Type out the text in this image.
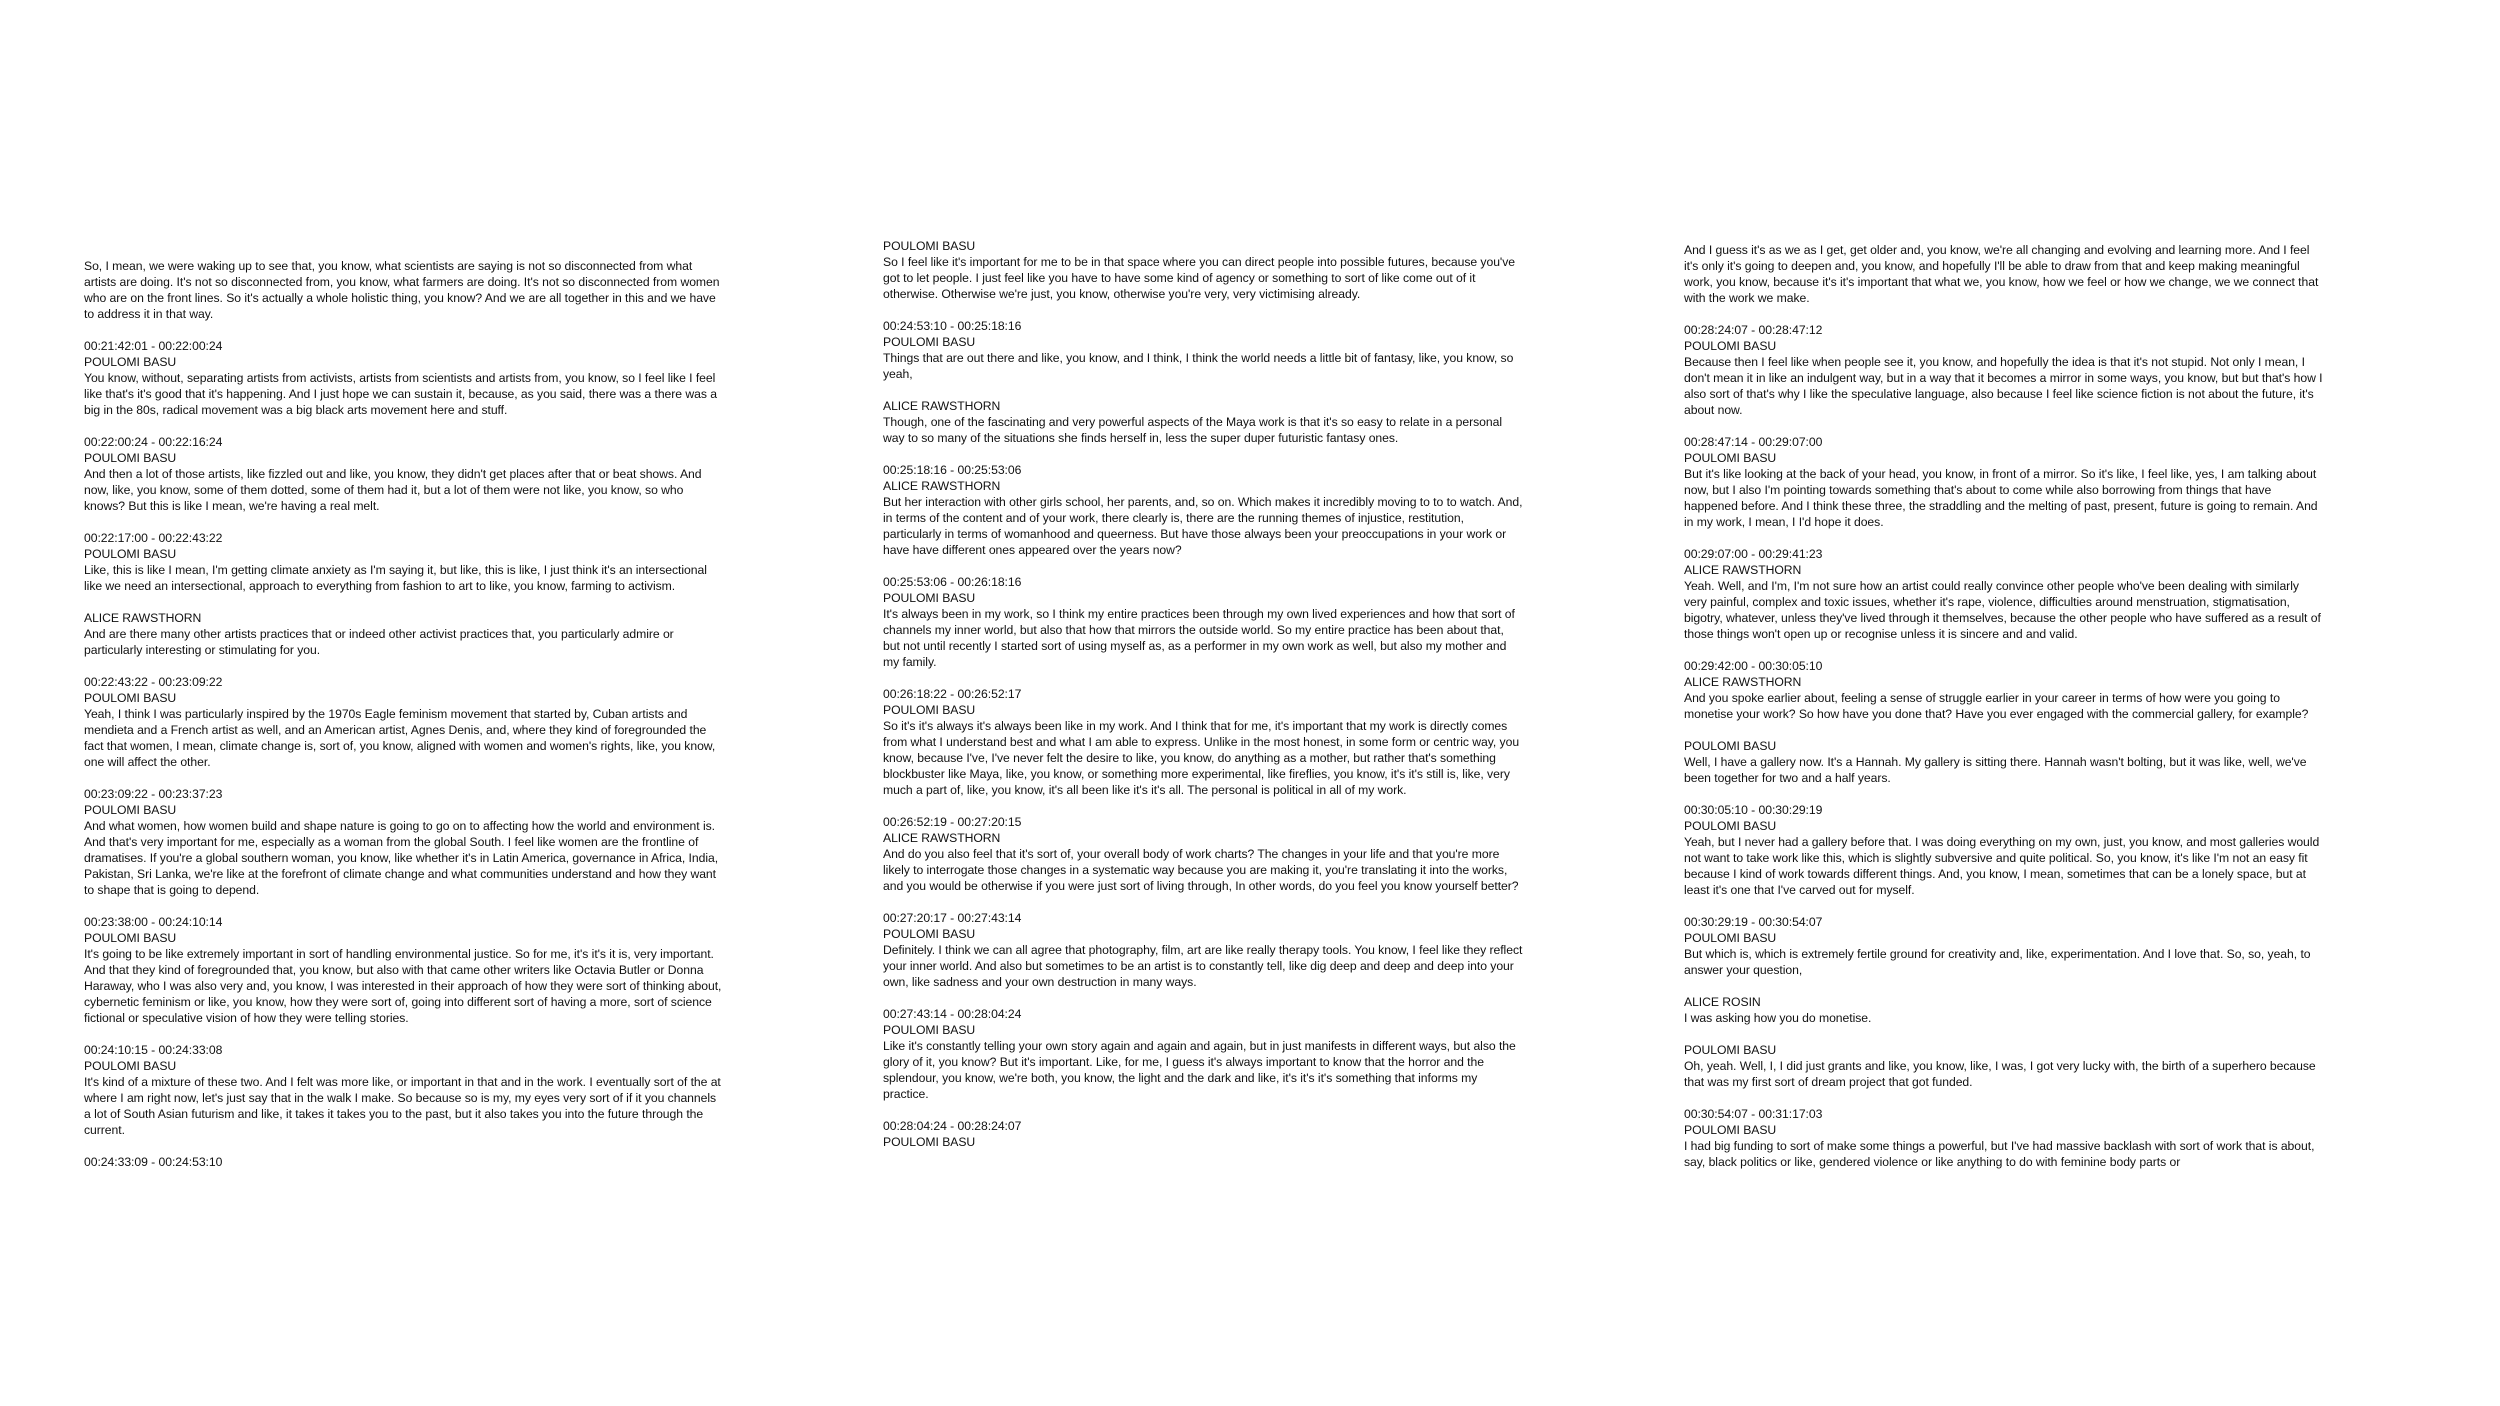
So, I mean, we were waking up to see that, you know, what scientists are saying is not so disconnected from what artists are doing. It's not so disconnected from, you know, what farmers are doing. It's not so disconnected from women who are on the front lines. So it's actually a whole holistic thing, you know? And we are all together in this and we have to address it in that way.
00:21:42:01 - 00:22:00:24
POULOMI BASU
You know, without, separating artists from activists, artists from scientists and artists from, you know, so I feel like I feel like that's it's good that it's happening. And I just hope we can sustain it, because, as you said, there was a there was a big in the 80s, radical movement was a big black arts movement here and stuff.
00:22:00:24 - 00:22:16:24
POULOMI BASU
And then a lot of those artists, like fizzled out and like, you know, they didn't get places after that or beat shows. And now, like, you know, some of them dotted, some of them had it, but a lot of them were not like, you know, so who knows? But this is like I mean, we're having a real melt.
00:22:17:00 - 00:22:43:22
POULOMI BASU
Like, this is like I mean, I'm getting climate anxiety as I'm saying it, but like, this is like, I just think it's an intersectional like we need an intersectional, approach to everything from fashion to art to like, you know, farming to activism.
ALICE RAWSTHORN
And are there many other artists practices that or indeed other activist practices that, you particularly admire or particularly interesting or stimulating for you.
00:22:43:22 - 00:23:09:22
POULOMI BASU
Yeah, I think I was particularly inspired by the 1970s Eagle feminism movement that started by, Cuban artists and mendieta and a French artist as well, and an American artist, Agnes Denis, and, where they kind of foregrounded the fact that women, I mean, climate change is, sort of, you know, aligned with women and women's rights, like, you know, one will affect the other.
00:23:09:22 - 00:23:37:23
POULOMI BASU
And what women, how women build and shape nature is going to go on to affecting how the world and environment is. And that's very important for me, especially as a woman from the global South. I feel like women are the frontline of dramatises. If you're a global southern woman, you know, like whether it's in Latin America, governance in Africa, India, Pakistan, Sri Lanka, we're like at the forefront of climate change and what communities understand and how they want to shape that is going to depend.
00:23:38:00 - 00:24:10:14
POULOMI BASU
It's going to be like extremely important in sort of handling environmental justice. So for me, it's it's it is, very important. And that they kind of foregrounded that, you know, but also with that came other writers like Octavia Butler or Donna Haraway, who I was also very and, you know, I was interested in their approach of how they were sort of thinking about, cybernetic feminism or like, you know, how they were sort of, going into different sort of having a more, sort of science fictional or speculative vision of how they were telling stories.
00:24:10:15 - 00:24:33:08
POULOMI BASU
It's kind of a mixture of these two. And I felt was more like, or important in that and in the work. I eventually sort of the at where I am right now, let's just say that in the walk I make. So because so is my, my eyes very sort of if it you channels a lot of South Asian futurism and like, it takes it takes you to the past, but it also takes you into the future through the current.
00:24:33:09 - 00:24:53:10
POULOMI BASU
So I feel like it's important for me to be in that space where you can direct people into possible futures, because you've got to let people. I just feel like you have to have some kind of agency or something to sort of like come out of it otherwise. Otherwise we're just, you know, otherwise you're very, very victimising already.
00:24:53:10 - 00:25:18:16
POULOMI BASU
Things that are out there and like, you know, and I think, I think the world needs a little bit of fantasy, like, you know, so yeah,
ALICE RAWSTHORN
Though, one of the fascinating and very powerful aspects of the Maya work is that it's so easy to relate in a personal way to so many of the situations she finds herself in, less the super duper futuristic fantasy ones.
00:25:18:16 - 00:25:53:06
ALICE RAWSTHORN
But her interaction with other girls school, her parents, and, so on. Which makes it incredibly moving to to to watch. And, in terms of the content and of your work, there clearly is, there are the running themes of injustice, restitution, particularly in terms of womanhood and queerness. But have those always been your preoccupations in your work or have have different ones appeared over the years now?
00:25:53:06 - 00:26:18:16
POULOMI BASU
It's always been in my work, so I think my entire practices been through my own lived experiences and how that sort of channels my inner world, but also that how that mirrors the outside world. So my entire practice has been about that, but not until recently I started sort of using myself as, as a performer in my own work as well, but also my mother and my family.
00:26:18:22 - 00:26:52:17
POULOMI BASU
So it's it's always it's always been like in my work. And I think that for me, it's important that my work is directly comes from what I understand best and what I am able to express. Unlike in the most honest, in some form or centric way, you know, because I've, I've never felt the desire to like, you know, do anything as a mother, but rather that's something blockbuster like Maya, like, you know, or something more experimental, like fireflies, you know, it's it's still is, like, very much a part of, like, you know, it's all been like it's it's all. The personal is political in all of my work.
00:26:52:19 - 00:27:20:15
ALICE RAWSTHORN
And do you also feel that it's sort of, your overall body of work charts? The changes in your life and that you're more likely to interrogate those changes in a systematic way because you are making it, you're translating it into the works, and you would be otherwise if you were just sort of living through, In other words, do you feel you know yourself better?
00:27:20:17 - 00:27:43:14
POULOMI BASU
Definitely. I think we can all agree that photography, film, art are like really therapy tools. You know, I feel like they reflect your inner world. And also but sometimes to be an artist is to constantly tell, like dig deep and deep and deep into your own, like sadness and your own destruction in many ways.
00:27:43:14 - 00:28:04:24
POULOMI BASU
Like it's constantly telling your own story again and again and again, but in just manifests in different ways, but also the glory of it, you know? But it's important. Like, for me, I guess it's always important to know that the horror and the splendour, you know, we're both, you know, the light and the dark and like, it's it's it's something that informs my practice.
00:28:04:24 - 00:28:24:07
POULOMI BASU
And I guess it's as we as I get, get older and, you know, we're all changing and evolving and learning more. And I feel it's only it's going to deepen and, you know, and hopefully I'll be able to draw from that and keep making meaningful work, you know, because it's it's important that what we, you know, how we feel or how we change, we we connect that with the work we make.
00:28:24:07 - 00:28:47:12
POULOMI BASU
Because then I feel like when people see it, you know, and hopefully the idea is that it's not stupid. Not only I mean, I don't mean it in like an indulgent way, but in a way that it becomes a mirror in some ways, you know, but but that's how I also sort of that's why I like the speculative language, also because I feel like science fiction is not about the future, it's about now.
00:28:47:14 - 00:29:07:00
POULOMI BASU
But it's like looking at the back of your head, you know, in front of a mirror. So it's like, I feel like, yes, I am talking about now, but I also I'm pointing towards something that's about to come while also borrowing from things that have happened before. And I think these three, the straddling and the melting of past, present, future is going to remain. And in my work, I mean, I I'd hope it does.
00:29:07:00 - 00:29:41:23
ALICE RAWSTHORN
Yeah. Well, and I'm, I'm not sure how an artist could really convince other people who've been dealing with similarly very painful, complex and toxic issues, whether it's rape, violence, difficulties around menstruation, stigmatisation, bigotry, whatever, unless they've lived through it themselves, because the other people who have suffered as a result of those things won't open up or recognise unless it is sincere and and valid.
00:29:42:00 - 00:30:05:10
ALICE RAWSTHORN
And you spoke earlier about, feeling a sense of struggle earlier in your career in terms of how were you going to monetise your work? So how have you done that? Have you ever engaged with the commercial gallery, for example?
POULOMI BASU
Well, I have a gallery now. It's a Hannah. My gallery is sitting there. Hannah wasn't bolting, but it was like, well, we've been together for two and a half years.
00:30:05:10 - 00:30:29:19
POULOMI BASU
Yeah, but I never had a gallery before that. I was doing everything on my own, just, you know, and most galleries would not want to take work like this, which is slightly subversive and quite political. So, you know, it's like I'm not an easy fit because I kind of work towards different things. And, you know, I mean, sometimes that can be a lonely space, but at least it's one that I've carved out for myself.
00:30:29:19 - 00:30:54:07
POULOMI BASU
But which is, which is extremely fertile ground for creativity and, like, experimentation. And I love that. So, so, yeah, to answer your question,
ALICE ROSIN
I was asking how you do monetise.
POULOMI BASU
Oh, yeah. Well, I, I did just grants and like, you know, like, I was, I got very lucky with, the birth of a superhero because that was my first sort of dream project that got funded.
00:30:54:07 - 00:31:17:03
POULOMI BASU
I had big funding to sort of make some things a powerful, but I've had massive backlash with sort of work that is about, say, black politics or like, gendered violence or like anything to do with feminine body parts or
